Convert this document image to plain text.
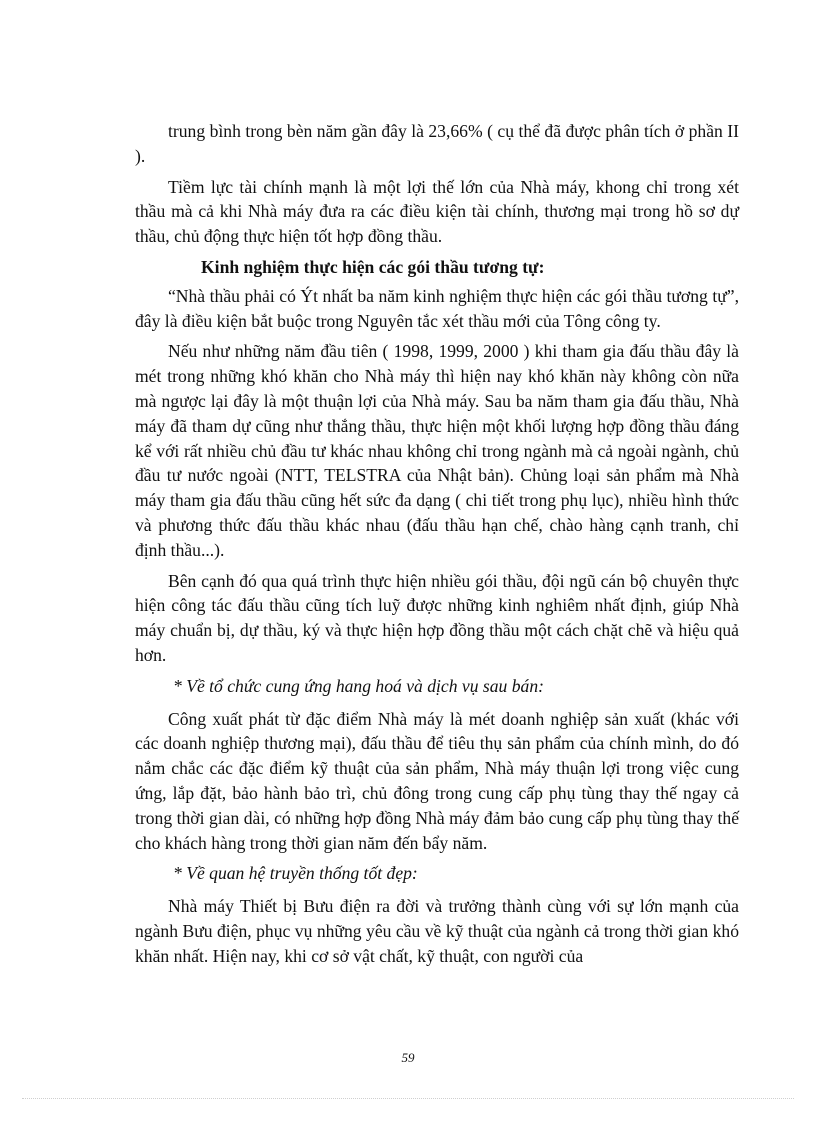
trung bình trong bèn năm gần đây là 23,66% ( cụ thể đã được phân tích ở phần II ).

Tiềm lực tài chính mạnh là một lợi thế lớn của Nhà máy, khong chỉ trong xét thầu mà cả khi Nhà máy đưa ra các điều kiện tài chính, thương mại trong hồ sơ dự thầu, chủ động thực hiện tốt hợp đồng thầu.

Kinh nghiệm thực hiện các gói thầu tương tự:

“Nhà thầu phải có Ýt nhất ba năm kinh nghiệm thực hiện các gói thầu tương tự”, đây là điều kiện bắt buộc trong Nguyên tắc xét thầu mới của Tông công ty.

Nếu như những năm đầu tiên ( 1998, 1999, 2000 ) khi tham gia đấu thầu đây là mét trong những khó khăn cho Nhà máy thì hiện nay khó khăn này không còn nữa mà ngược lại đây là một thuận lợi của Nhà máy. Sau ba năm tham gia đấu thầu, Nhà máy đã tham dự cũng như thắng thầu, thực hiện một khối lượng hợp đồng thầu đáng kể với rất nhiều chủ đầu tư khác nhau không chỉ trong ngành mà cả ngoài ngành, chủ đầu tư nước ngoài (NTT, TELSTRA của Nhật bản). Chủng loại sản phẩm mà Nhà máy tham gia đấu thầu cũng hết sức đa dạng ( chi tiết trong phụ lục), nhiều hình thức và phương thức đấu thầu khác nhau (đấu thầu hạn chế, chào hàng cạnh tranh, chỉ định thầu...).

Bên cạnh đó qua quá trình thực hiện nhiều gói thầu, đội ngũ cán bộ chuyên thực hiện công tác đấu thầu cũng tích luỹ được những kinh nghiêm nhất định, giúp Nhà máy chuẩn bị, dự thầu, ký và thực hiện hợp đồng thầu một cách chặt chẽ và hiệu quả hơn.

* Về tổ chức cung ứng hang hoá và dịch vụ sau bán:

Công xuất phát từ đặc điểm Nhà máy là mét doanh nghiệp sản xuất (khác với các doanh nghiệp thương mại), đấu thầu để tiêu thụ sản phẩm của chính mình, do đó nắm chắc các đặc điểm kỹ thuật của sản phẩm, Nhà máy thuận lợi trong việc cung ứng, lắp đặt, bảo hành bảo trì, chủ đông trong cung cấp phụ tùng thay thế ngay cả trong thời gian dài, có những hợp đồng Nhà máy đảm bảo cung cấp phụ tùng thay thế cho khách hàng trong thời gian năm đến bẩy năm.

* Về quan hệ truyền thống tốt đẹp:

Nhà máy Thiết bị Bưu điện ra đời và trưởng thành cùng với sự lớn mạnh của ngành Bưu điện, phục vụ những yêu cầu về kỹ thuật của ngành cả trong thời gian khó khăn nhất. Hiện nay, khi cơ sở vật chất, kỹ thuật, con người của

59
